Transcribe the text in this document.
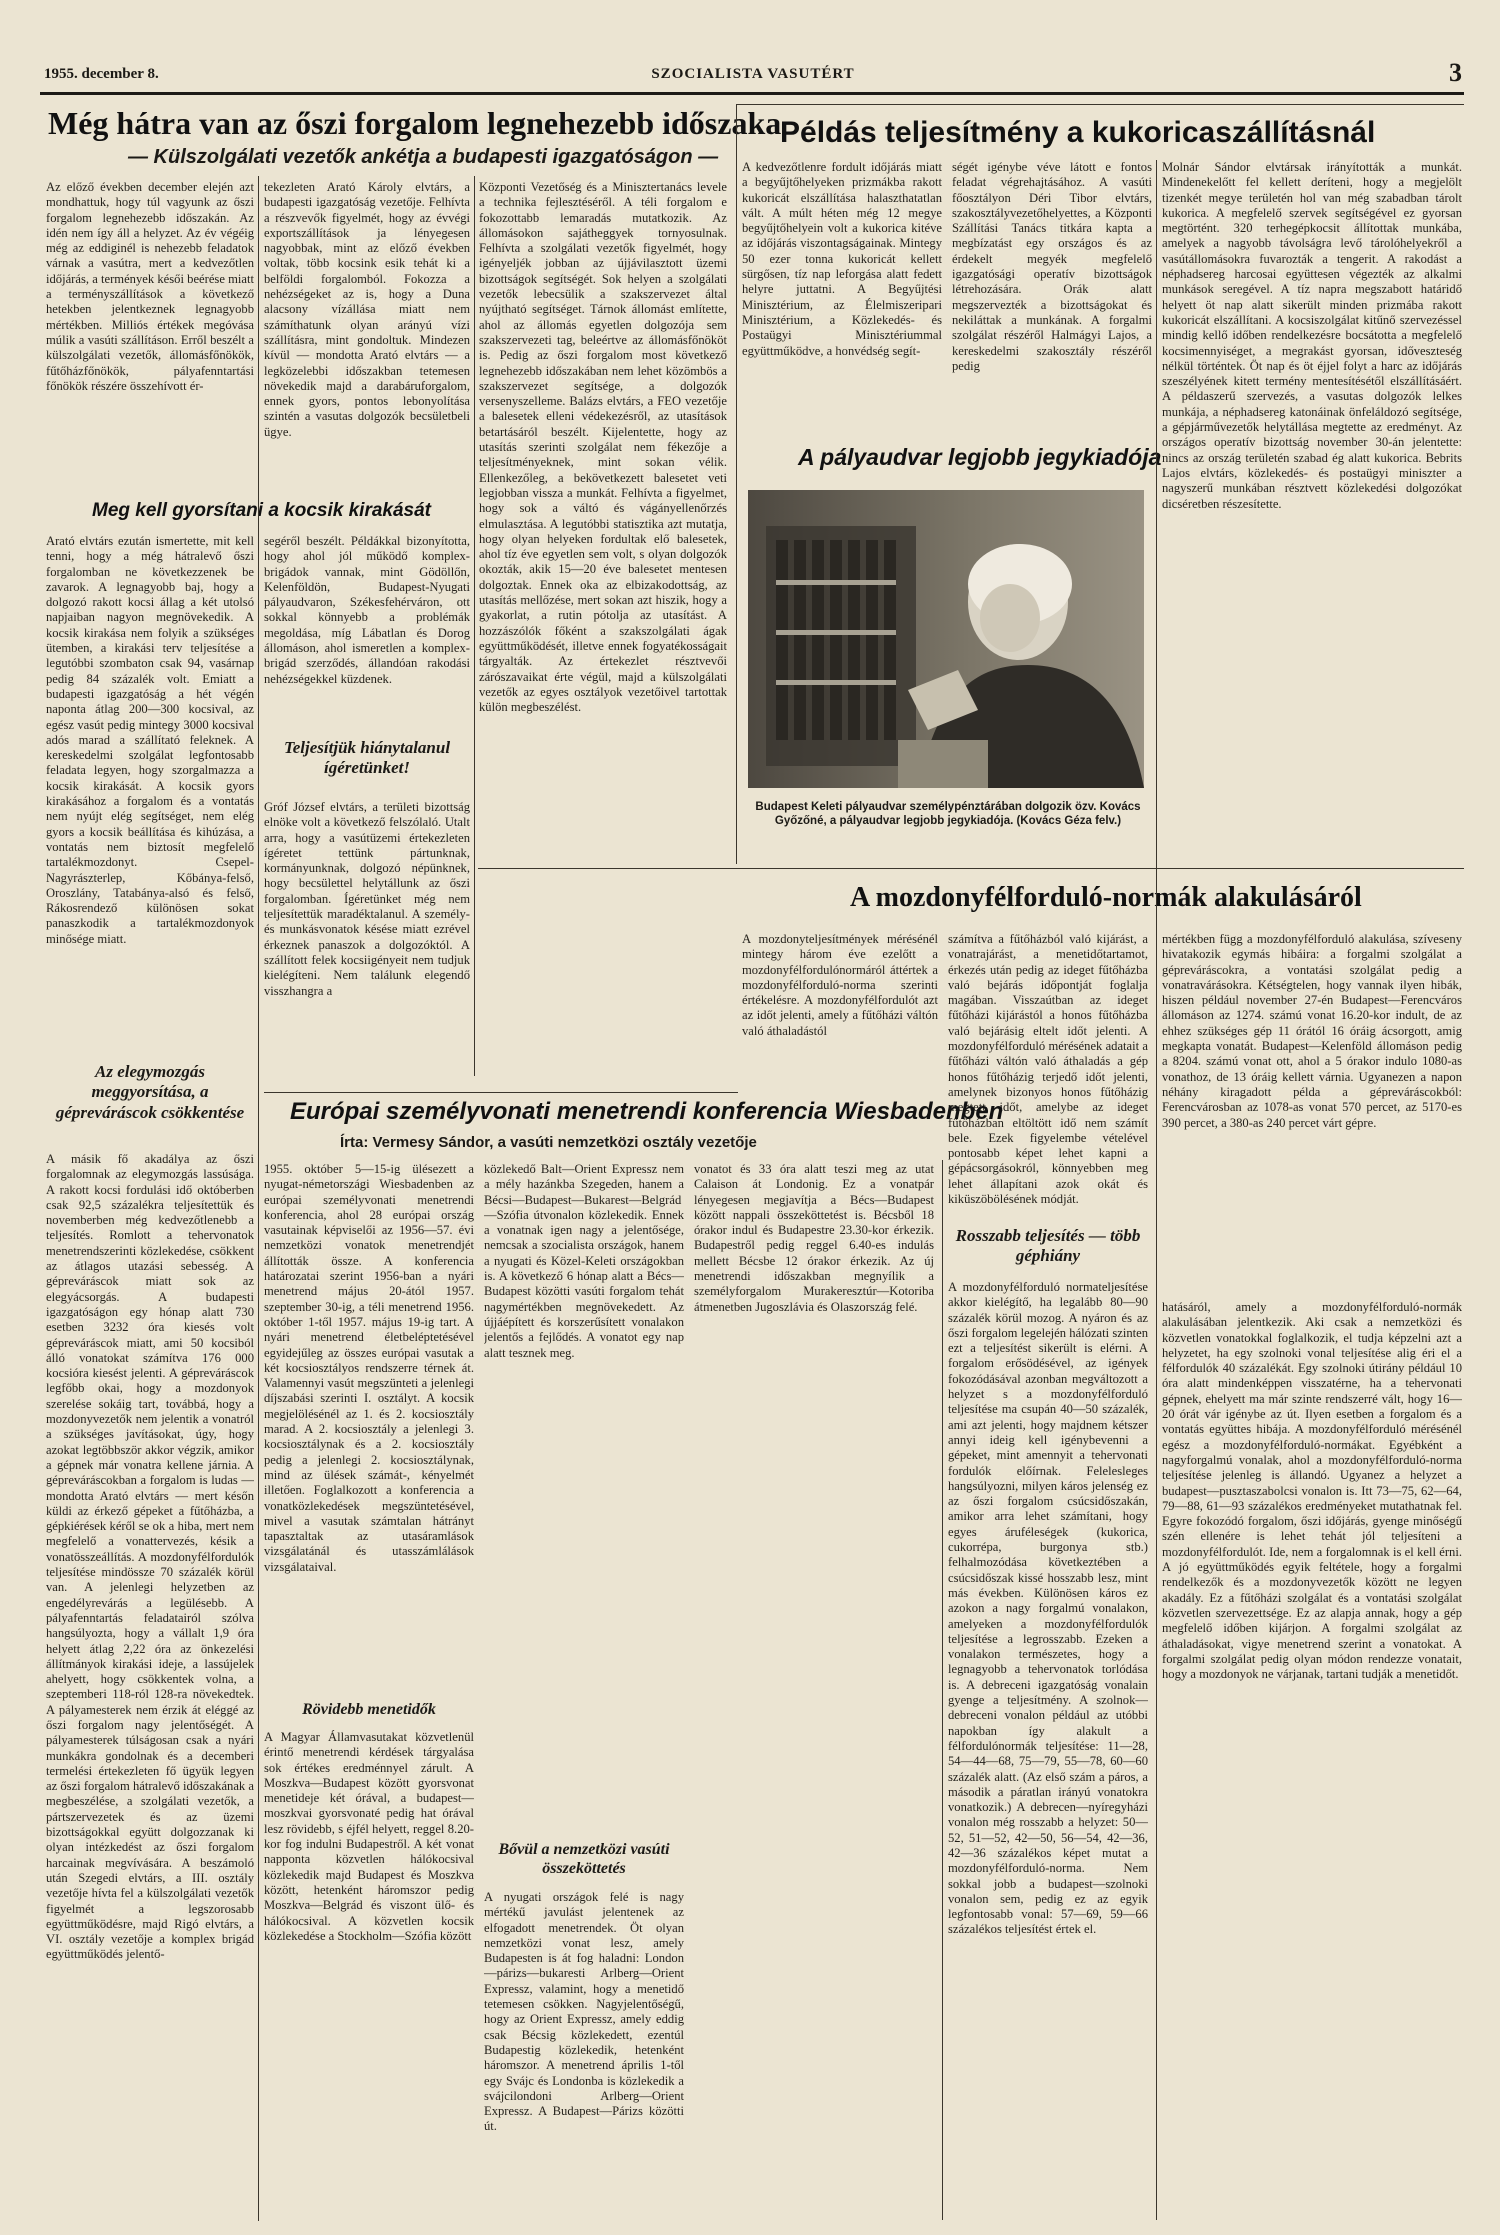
1955. december 8.	SZOCIALISTA VASUTÉRT	3
Még hátra van az őszi forgalom legnehezebb időszaka
— Külszolgálati vezetők ankétja a budapesti igazgatóságon —
Az előző években december elején azt mondhattuk, hogy túl vagyunk az őszi forgalom legnehezebb időszakán. Az idén nem így áll a helyzet. Az év végéig még az eddiginél is nehezebb feladatok várnak a vasútra, mert a kedvezőtlen időjárás, a termények késői beérése miatt a terményszállítások a következő hetekben jelentkeznek legnagyobb mértékben. Milliós értékek megóvása múlik a vasúti szállításon. Erről beszélt a külszolgálati vezetők, állomásfőnökök, fűtőházfőnökök, pályafenntartási főnökök részére összehívott ér-
tekezleten Arató Károly elvtárs, a budapesti igazgatóság vezetője. Felhívta a részvevők figyelmét, hogy az évvégi exportszállítások ja lényegesen nagyobbak, mint az előző években voltak, több kocsink esik tehát ki a belföldi forgalomból. Fokozza a nehézségeket az is, hogy a Duna alacsony vízállása miatt nem számíthatunk olyan arányú vízi szállításra, mint gondoltuk. Mindezen kívül — mondotta Arató elvtárs — a legközelebbi időszakban tetemesen növekedik majd a darabáruforgalom, ennek gyors, pontos lebonyolítása szintén a vasutas dolgozók becsületbeli ügye.
Központi Vezetőség és a Minisztertanács levele a technika fejlesztéséről. A téli forgalom e fokozottabb lemaradás mutatkozik. Az állomásokon sajátheggyek tornyosulnak. Felhívta a szolgálati vezetők figyelmét, hogy igényeljék jobban az újjávilasztott üzemi bizottságok segítségét. Sok helyen a szolgálati vezetők lebecsülik a szakszervezet által nyújtható segítséget. Tárnok állomást említette, ahol az állomás egyetlen dolgozója sem szakszervezeti tag, beleértve az állomásfőnököt is. Pedig az őszi forgalom most következő legnehezebb időszakában nem lehet közömbös a szakszervezet segítsége, a dolgozók versenyszelleme. Balázs elvtárs, a FEO vezetője a balesetek elleni védekezésről, az utasítások betartásáról beszélt. Kijelentette, hogy az utasítás szerinti szolgálat nem fékezője a teljesítményeknek, mint sokan vélik. Ellenkezőleg, a bekövetkezett balesetet veti legjobban vissza a munkát. Felhívta a figyelmet, hogy sok a váltó és vágányellenőrzés elmulasztása. A legutóbbi statisztika azt mutatja, hogy olyan helyeken fordultak elő balesetek, ahol tíz éve egyetlen sem volt, s olyan dolgozók okozták, akik 15—20 éve balesetet mentesen dolgoztak. Ennek oka az elbizakodottság, az utasítás mellőzése, mert sokan azt hiszik, hogy a gyakorlat, a rutin pótolja az utasítást. A hozzászólók főként a szakszolgálati ágak együttműködését, illetve ennek fogyatékosságait tárgyalták. Az értekezlet résztvevői zárószavaikat érte végül, majd a külszolgálati vezetők az egyes osztályok vezetőivel tartottak külön megbeszélést.
Meg kell gyorsítani a kocsik kirakását
Arató elvtárs ezután ismertette, mit kell tenni, hogy a még hátralevő őszi forgalomban ne következzenek be zavarok. A legnagyobb baj, hogy a dolgozó rakott kocsi állag a két utolsó napjaiban nagyon megnövekedik. A kocsik kirakása nem folyik a szükséges ütemben, a kirakási terv teljesítése a legutóbbi szombaton csak 94, vasárnap pedig 84 százalék volt. Emiatt a budapesti igazgatóság a hét végén naponta átlag 200—300 kocsival, az egész vasút pedig mintegy 3000 kocsival adós marad a szállítató feleknek. A kereskedelmi szolgálat legfontosabb feladata legyen, hogy szorgalmazza a kocsik kirakását. A kocsik gyors kirakásához a forgalom és a vontatás nem nyújt elég segítséget, nem elég gyors a kocsik beállítása és kihúzása, a vontatás nem biztosít megfelelő tartalékmozdonyt. Csepel-Nagyrászterlep, Kőbánya-felső, Oroszlány, Tatabánya-alsó és felső, Rákosrendező különösen sokat panaszkodik a tartalékmozdonyok minősége miatt.
segéről beszélt. Példákkal bizonyította, hogy ahol jól működő komplex-brigádok vannak, mint Gödöllőn, Kelenföldön, Budapest-Nyugati pályaudvaron, Székesfehérváron, ott sokkal könnyebb a problémák megoldása, míg Lábatlan és Dorog állomáson, ahol ismeretlen a komplex-brigád szerződés, állandóan rakodási nehézségekkel küzdenek.
Teljesítjük hiánytalanul ígéretünket!
Gróf József elvtárs, a területi bizottság elnöke volt a következő felszólaló. Utalt arra, hogy a vasútüzemi értekezleten ígéretet tettünk pártunknak, kormányunknak, dolgozó népünknek, hogy becsülettel helytállunk az őszi forgalomban. Ígéretünket még nem teljesítettük maradéktalanul. A személy- és munkásvonatok késése miatt ezrével érkeznek panaszok a dolgozóktól. A szállított felek kocsiigényeit nem tudjuk kielégíteni. Nem találunk elegendő visszhangra a
Az elegymozgás meggyorsítása, a gépreváráscok csökkentése
A másik fő akadálya az őszi forgalomnak az elegymozgás lassúsága. A rakott kocsi fordulási idő októberben csak 92,5 százalékra teljesítettük és novemberben még kedvezőtlenebb a teljesítés. Romlott a tehervonatok menetrendszerinti közlekedése, csökkent az átlagos utazási sebesség. A gépreváráscok miatt sok az elegyácsorgás. A budapesti igazgatóságon egy hónap alatt 730 esetben 3232 óra kiesés volt gépreváráscok miatt, ami 50 kocsiból álló vonatokat számítva 176 000 kocsióra kiesést jelenti. A gépreváráscok legfőbb okai, hogy a mozdonyok szerelése sokáig tart, továbbá, hogy a mozdonyvezetők nem jelentik a vonatról a szükséges javításokat, úgy, hogy azokat legtöbbször akkor végzik, amikor a gépnek már vonatra kellene járnia. A gépreváráscokban a forgalom is ludas — mondotta Arató elvtárs — mert későn küldi az érkező gépeket a fűtőházba, a gépkiérések kéről se ok a hiba, mert nem megfelelő a vonattervezés, késik a vonatösszeállítás. A mozdonyfélfordulók teljesítése mindössze 70 százalék körül van. A jelenlegi helyzetben az engedélyrevárás a legülésebb. A pályafenntartás feladatairól szólva hangsúlyozta, hogy a vállalt 1,9 óra helyett átlag 2,22 óra az önkezelési állítmányok kirakási ideje, a lassújelek ahelyett, hogy csökkentek volna, a szeptemberi 118-ról 128-ra növekedtek. A pályamesterek nem érzik át eléggé az őszi forgalom nagy jelentőségét. A pályamesterek túlságosan csak a nyári munkákra gondolnak és a decemberi termelési értekezleten fő ügyük legyen az őszi forgalom hátralevő időszakának a megbeszélése, a szolgálati vezetők, a pártszervezetek és az üzemi bizottságokkal együtt dolgozzanak ki olyan intézkedést az őszi forgalom harcainak megvívására. A beszámoló után Szegedi elvtárs, a III. osztály vezetője hívta fel a külszolgálati vezetők figyelmét a legszorosabb együttműködésre, majd Rigó elvtárs, a VI. osztály vezetője a komplex brigád együttműködés jelentő-
Példás teljesítmény a kukoricaszállításnál
A kedvezőtlenre fordult időjárás miatt a begyűjtőhelyeken prizmákba rakott kukoricát elszállítása halaszthatatlan vált. A múlt héten még 12 megye begyűjtőhelyein volt a kukorica kitéve az időjárás viszontagságainak. Mintegy 50 ezer tonna kukoricát kellett sürgősen, tíz nap leforgása alatt fedett helyre juttatni. A Begyűjtési Minisztérium, az Élelmiszeripari Minisztérium, a Közlekedés- és Postaügyi Minisztériummal együttműködve, a honvédség segít-
ségét igénybe véve látott e fontos feladat végrehajtásához. A vasúti főosztályon Déri Tibor elvtárs, szakosztályvezetőhelyettes, a Központi Szállítási Tanács titkára kapta a megbízatást egy országos és az érdekelt megyék megfelelő igazgatósági operatív bizottságok létrehozására. Orák alatt megszervezték a bizottságokat és nekiláttak a munkának. A forgalmi szolgálat részéről Halmágyi Lajos, a kereskedelmi szakosztály részéről pedig
Molnár Sándor elvtársak irányították a munkát. Mindenekelőtt fel kellett deríteni, hogy a megjelölt tizenkét megye területén hol van még szabadban tárolt kukorica. A megfelelő szervek segítségével ez gyorsan megtörtént. 320 terhegépkocsit állítottak munkába, amelyek a nagyobb távolságra levő tárolóhelyekről a vasútállomásokra fuvarozták a tengerit. A rakodást a néphadsereg harcosai együttesen végezték az alkalmi munkások seregével. A tíz napra megszabott határidő helyett öt nap alatt sikerült minden prizmába rakott kukoricát elszállítani. A kocsiszolgálat kitűnő szervezéssel mindig kellő időben rendelkezésre bocsátotta a megfelelő kocsimennyiséget, a megrakást gyorsan, időveszteség nélkül történtek. Öt nap és öt éjjel folyt a harc az időjárás szeszélyének kitett termény mentesítésétől elszállításáért. A példaszerű szervezés, a vasutas dolgozók lelkes munkája, a néphadsereg katonáinak önfeláldozó segítsége, a gépjárművezetők helytállása megtette az eredményt. Az országos operatív bizottság november 30-án jelentette: nincs az ország területén szabad ég alatt kukorica. Bebrits Lajos elvtárs, közlekedés- és postaügyi miniszter a nagyszerű munkában résztvett közlekedési dolgozókat dicséretben részesítette.
A pályaudvar legjobb jegykiadója
Budapest Keleti pályaudvar személypénztárában dolgozik özv. Kovács Győzőné, a pályaudvar legjobb jegykiadója. (Kovács Géza felv.)
A mozdonyfélforduló-normák alakulásáról
A mozdonyteljesítmények mérésénél mintegy három éve ezelőtt a mozdonyfélfordulónormáról áttértek a mozdonyfélforduló-norma szerinti értékelésre. A mozdonyfélfordulót azt az időt jelenti, amely a fűtőházi váltón való áthaladástól
számítva a fűtőházból való kijárást, a vonatrajárást, a menetidőtartamot, érkezés után pedig az ideget fűtőházba való bejárás időpontját foglalja magában. Visszaútban az ideget fűtőházi kijárástól a honos fűtőházba való bejárásig eltelt időt jelenti. A mozdonyfélforduló mérésének adatait a fűtőházi váltón való áthaladás a gép honos fűtőházig terjedő időt jelenti, amelynek bizonyos honos fűtőházig megtett időt, amelybe az ideget fűtőházban eltöltött idő nem számít bele. Ezek figyelembe vételével pontosabb képet lehet kapni a gépácsorgásokról, könnyebben meg lehet állapítani azok okát és kiküszöbölésének módját.
mértékben függ a mozdonyfélforduló alakulása, szíveseny hivatakozik egymás hibáira: a forgalmi szolgálat a gépreváráscokra, a vontatási szolgálat pedig a vonatravárásokra. Kétségtelen, hogy vannak ilyen hibák, hiszen például november 27-én Budapest—Ferencváros állomáson az 1274. számú vonat 16.20-kor indult, de az ehhez szükséges gép 11 órától 16 óráig ácsorgott, amig megkapta vonatát. Budapest—Kelenföld állomáson pedig a 8204. számú vonat ott, ahol a 5 órakor indulo 1080-as vonathoz, de 13 óráig kellett várnia. Ugyanezen a napon néhány kiragadott példa a gépreváráscokból: Ferencvárosban az 1078-as vonat 570 percet, az 5170-es 390 percet, a 380-as 240 percet várt gépre.
Rosszabb teljesítés — több géphiány
A mozdonyfélforduló normateljesítése akkor kielégítő, ha legalább 80—90 százalék körül mozog. A nyáron és az őszi forgalom legelején hálózati szinten ezt a teljesítést sikerült is elérni. A forgalom erősödésével, az igények fokozódásával azonban megváltozott a helyzet s a mozdonyfélforduló teljesítése ma csupán 40—50 százalék, ami azt jelenti, hogy majdnem kétszer annyi ideig kell igénybevenni a gépeket, mint amennyit a tehervonati fordulók előírnak. Felelesleges hangsúlyozni, milyen káros jelenség ez az őszi forgalom csúcsidőszakán, amikor arra lehet számítani, hogy egyes áruféleségek (kukorica, cukorrépa, burgonya stb.) felhalmozódása következtében a csúcsidőszak kissé hosszabb lesz, mint más években. Különösen káros ez azokon a nagy forgalmú vonalakon, amelyeken a mozdonyfélfordulók teljesítése a legrosszabb. Ezeken a vonalakon természetes, hogy a legnagyobb a tehervonatok torlódása is. A debreceni igazgatóság vonalain gyenge a teljesítmény. A szolnok—debreceni vonalon például az utóbbi napokban így alakult a félfordulónormák teljesítése: 11—28, 54—44—68, 75—79, 55—78, 60—60 százalék alatt. (Az első szám a páros, a második a páratlan irányú vonatokra vonatkozik.) A debrecen—nyíregyházi vonalon még rosszabb a helyzet: 50—52, 51—52, 42—50, 56—54, 42—36, 42—36 százalékos képet mutat a mozdonyfélforduló-norma. Nem sokkal jobb a budapest—szolnoki vonalon sem, pedig ez az egyik legfontosabb vonal: 57—69, 59—66 százalékos teljesítést értek el.
hatásáról, amely a mozdonyfélforduló-normák alakulásában jelentkezik. Aki csak a nemzetközi és közvetlen vonatokkal foglalkozik, el tudja képzelni azt a helyzetet, ha egy szolnoki vonal teljesítése alig éri el a félfordulók 40 százalékát. Egy szolnoki útirány például 10 óra alatt mindenképpen visszatérne, ha a tehervonati gépnek, ehelyett ma már szinte rendszerré vált, hogy 16—20 órát vár igénybe az út. Ilyen esetben a forgalom és a vontatás együttes hibája. A mozdonyfélforduló mérésénél egész a mozdonyfélforduló-normákat. Egyébként a nagyforgalmú vonalak, ahol a mozdonyfélforduló-norma teljesítése jelenleg is állandó. Ugyanez a helyzet a budapest—pusztaszabolcsi vonalon is. Itt 73—75, 62—64, 79—88, 61—93 százalékos eredményeket mutathatnak fel. Egyre fokozódó forgalom, őszi időjárás, gyenge minőségű szén ellenére is lehet tehát jól teljesíteni a mozdonyfélfordulót. Ide, nem a forgalomnak is el kell érni. A jó együttműködés egyik feltétele, hogy a forgalmi rendelkezők és a mozdonyvezetők között ne legyen akadály. Ez a fűtőházi szolgálat és a vontatási szolgálat közvetlen szervezettsége. Ez az alapja annak, hogy a gép megfelelő időben kijárjon. A forgalmi szolgálat az áthaladásokat, vigye menetrend szerint a vonatokat. A forgalmi szolgálat pedig olyan módon rendezze vonatait, hogy a mozdonyok ne várjanak, tartani tudják a menetidőt.
Európai személyvonati menetrendi konferencia Wiesbadenben
Írta: Vermesy Sándor, a vasúti nemzetközi osztály vezetője
1955. október 5—15-ig ülésezett a nyugat-németországi Wiesbadenben az európai személyvonati menetrendi konferencia, ahol 28 európai ország vasutainak képviselői az 1956—57. évi nemzetközi vonatok menetrendjét állították össze. A konferencia határozatai szerint 1956-ban a nyári menetrend május 20-ától 1957. szeptember 30-ig, a téli menetrend 1956. október 1-től 1957. május 19-ig tart. A nyári menetrend életbeléptetésével egyidejűleg az összes európai vasutak a két kocsiosztályos rendszerre térnek át. Valamennyi vasút megszünteti a jelenlegi díjszabási szerinti I. osztályt. A kocsik megjelölésénél az 1. és 2. kocsiosztály marad. A 2. kocsiosztály a jelenlegi 3. kocsiosztálynak és a 2. kocsiosztály pedig a jelenlegi 2. kocsiosztálynak, mind az ülések számát-, kényelmét illetően. Foglalkozott a konferencia a vonatközlekedések megszüntetésével, mivel a vasutak számtalan hátrányt tapasztaltak az utasáramlások vizsgálatánál és utasszámlálások vizsgálataival.
közlekedő Balt—Orient Expressz nem a mély hazánkba Szegeden, hanem a Bécsi—Budapest—Bukarest—Belgrád—Szófia útvonalon közlekedik. Ennek a vonatnak igen nagy a jelentősége, nemcsak a szocialista országok, hanem a nyugati és Közel-Keleti országokban is. A következő 6 hónap alatt a Bécs—Budapest közötti vasúti forgalom tehát nagymértékben megnövekedett. Az újjáépített és korszerűsített vonalakon jelentős a fejlődés. A vonatot egy nap alatt tesznek meg.
vonatot és 33 óra alatt teszi meg az utat Calaison át Londonig. Ez a vonatpár lényegesen megjavítja a Bécs—Budapest között nappali összeköttetést is. Bécsből 18 órakor indul és Budapestre 23.30-kor érkezik. Budapestről pedig reggel 6.40-es indulás mellett Bécsbe 12 órakor érkezik. Az új menetrendi időszakban megnyílik a személyforgalom Murakeresztúr—Kotoriba átmenetben Jugoszlávia és Olaszország felé.
Rövidebb menetidők
A Magyar Államvasutakat közvetlenül érintő menetrendi kérdések tárgyalása sok értékes eredménnyel zárult. A Moszkva—Budapest között gyorsvonat menetideje két órával, a budapest—moszkvai gyorsvonaté pedig hat órával lesz rövidebb, s éjfél helyett, reggel 8.20-kor fog indulni Budapestről. A két vonat napponta közvetlen hálókocsival közlekedik majd Budapest és Moszkva között, hetenként háromszor pedig Moszkva—Belgrád és viszont ülő- és hálókocsival. A közvetlen kocsik közlekedése a Stockholm—Szófia között
Bővül a nemzetközi vasúti összeköttetés
A nyugati országok felé is nagy mértékű javulást jelentenek az elfogadott menetrendek. Öt olyan nemzetközi vonat lesz, amely Budapesten is át fog haladni: London—párizs—bukaresti Arlberg—Orient Expressz, valamint, hogy a menetidő tetemesen csökken. Nagyjelentőségű, hogy az Orient Expressz, amely eddig csak Bécsig közlekedett, ezentúl Budapestig közlekedik, hetenként háromszor. A menetrend április 1-től egy Svájc és Londonba is közlekedik a svájcilondoni Arlberg—Orient Expressz. A Budapest—Párizs közötti út.
